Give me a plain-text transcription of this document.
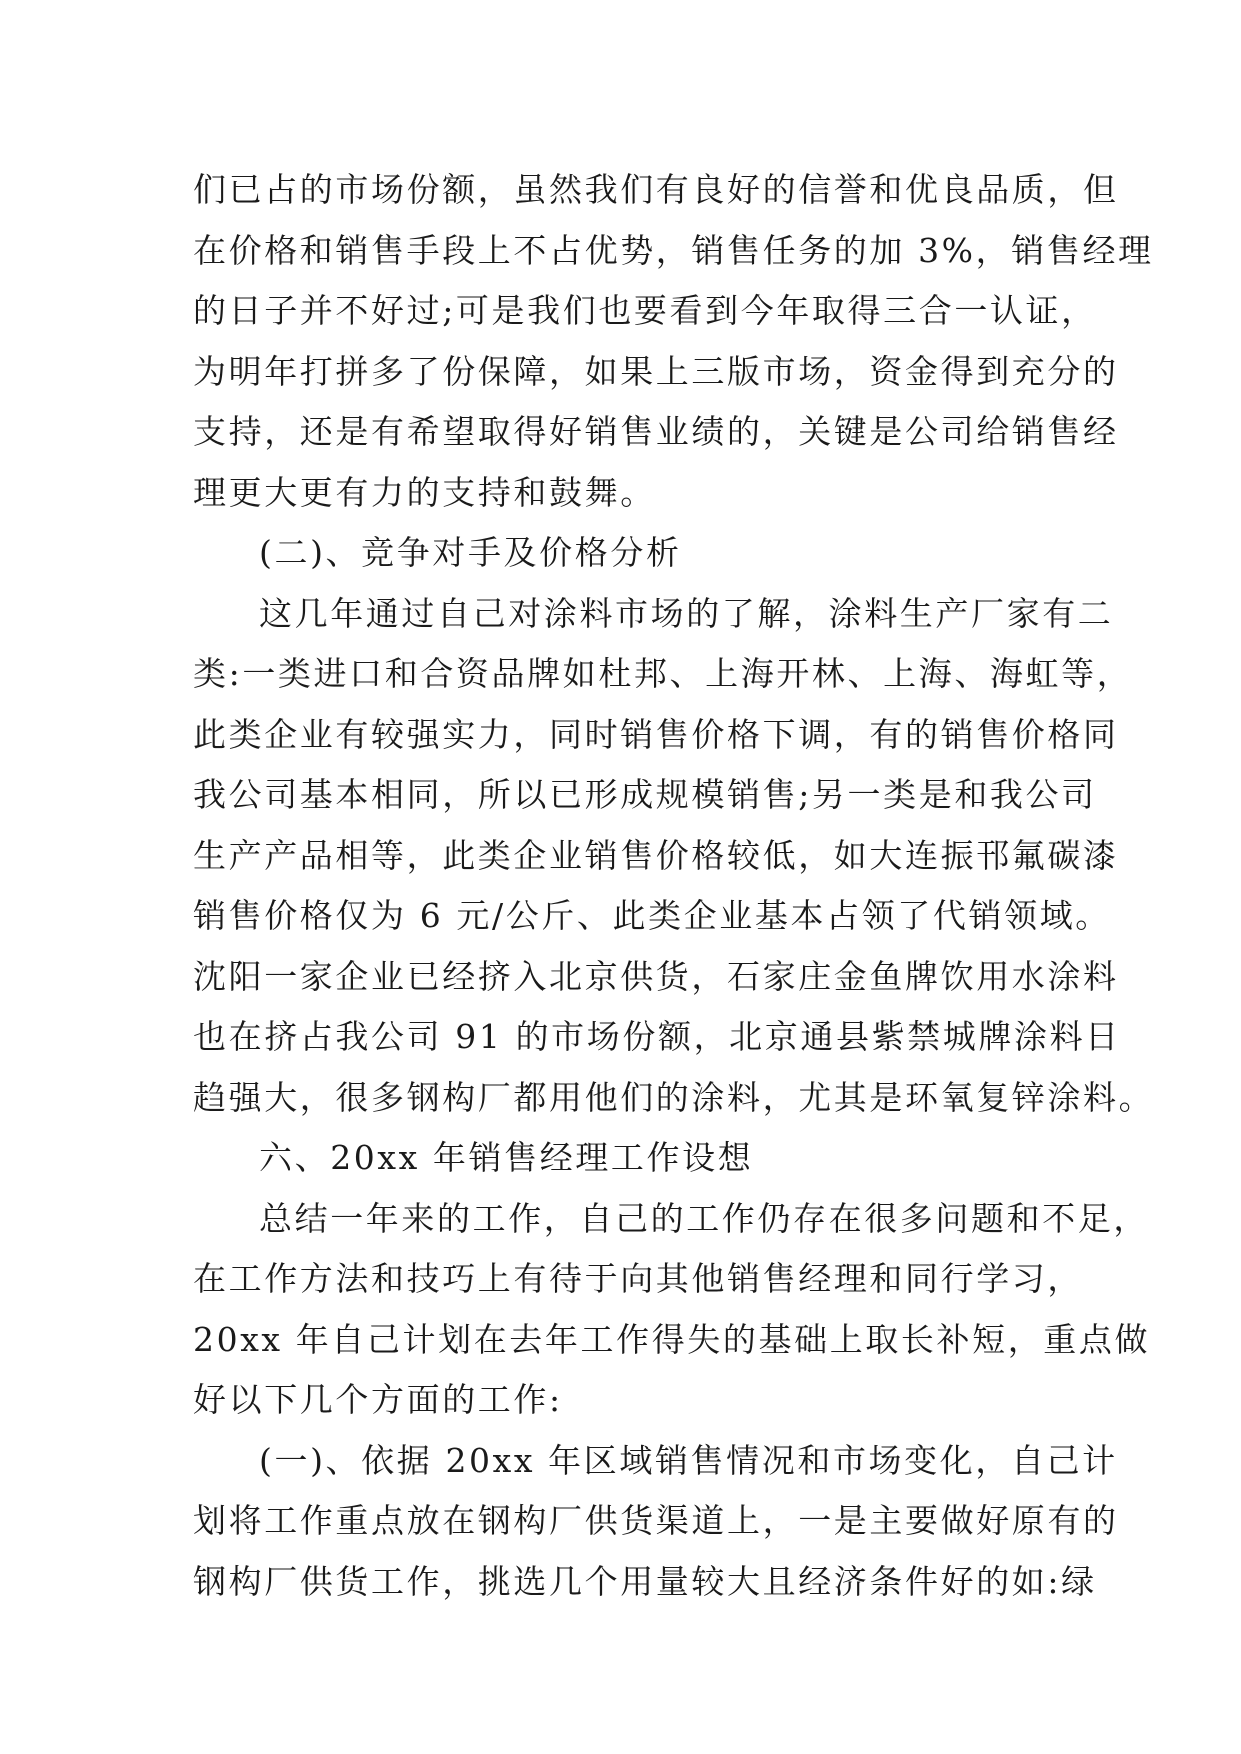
们已占的市场份额，虽然我们有良好的信誉和优良品质，但
在价格和销售手段上不占优势，销售任务的加 3%，销售经理
的日子并不好过;可是我们也要看到今年取得三合一认证，
为明年打拼多了份保障，如果上三版市场，资金得到充分的
支持，还是有希望取得好销售业绩的，关键是公司给销售经
理更大更有力的支持和鼓舞。
(二)、竞争对手及价格分析
这几年通过自己对涂料市场的了解，涂料生产厂家有二
类:一类进口和合资品牌如杜邦、上海开林、上海、海虹等，
此类企业有较强实力，同时销售价格下调，有的销售价格同
我公司基本相同，所以已形成规模销售;另一类是和我公司
生产产品相等，此类企业销售价格较低，如大连振邗氟碳漆
销售价格仅为 6 元/公斤、此类企业基本占领了代销领域。
沈阳一家企业已经挤入北京供货，石家庄金鱼牌饮用水涂料
也在挤占我公司 91 的市场份额，北京通县紫禁城牌涂料日
趋强大，很多钢构厂都用他们的涂料，尤其是环氧复锌涂料。
六、20xx 年销售经理工作设想
总结一年来的工作，自己的工作仍存在很多问题和不足，
在工作方法和技巧上有待于向其他销售经理和同行学习，
20xx 年自己计划在去年工作得失的基础上取长补短，重点做
好以下几个方面的工作:
(一)、依据 20xx 年区域销售情况和市场变化，自己计
划将工作重点放在钢构厂供货渠道上，一是主要做好原有的
钢构厂供货工作，挑选几个用量较大且经济条件好的如:绿
